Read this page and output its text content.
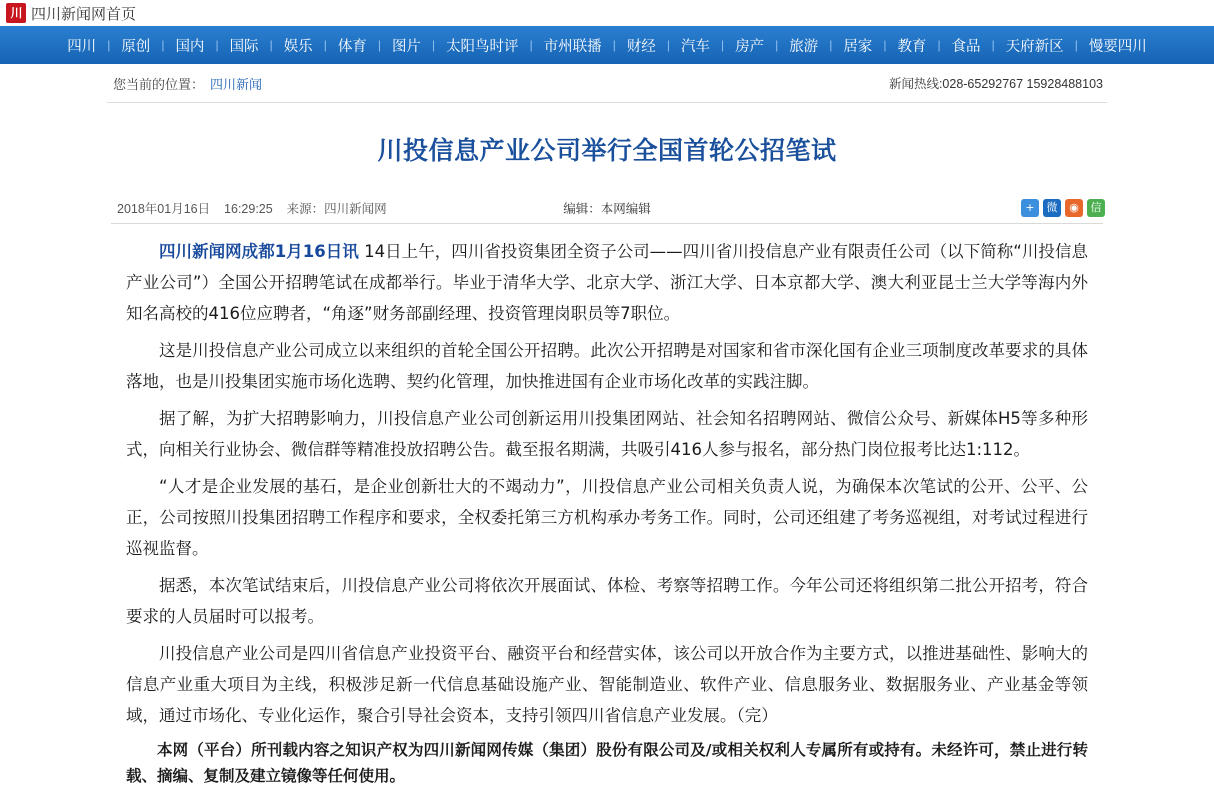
川 四川新闻网首页
四川 | 原创 | 国内 | 国际 | 娱乐 | 体育 | 图片 | 太阳鸟时评 | 市州联播 | 财经 | 汽车 | 房产 | 旅游 | 居家 | 教育 | 食品 | 天府新区 | 慢要四川
您当前的位置： 四川新闻	新闻热线:028-65292767 15928488103
川投信息产业公司举行全国首轮公招笔试
2018年01月16日 16:29:25 来源：四川新闻网	编辑：本网编辑	+	微	◉	信

四川新闻网成都1月16日讯 14日上午，四川省投资集团全资子公司——四川省川投信息产业有限责任公司（以下简称“川投信息产业公司”）全国公开招聘笔试在成都举行。毕业于清华大学、北京大学、浙江大学、日本京都大学、澳大利亚昆士兰大学等海内外知名高校的416位应聘者，“角逐”财务部副经理、投资管理岗职员等7职位。

这是川投信息产业公司成立以来组织的首轮全国公开招聘。此次公开招聘是对国家和省市深化国有企业三项制度改革要求的具体落地，也是川投集团实施市场化选聘、契约化管理，加快推进国有企业市场化改革的实践注脚。

据了解，为扩大招聘影响力，川投信息产业公司创新运用川投集团网站、社会知名招聘网站、微信公众号、新媒体H5等多种形式，向相关行业协会、微信群等精准投放招聘公告。截至报名期满，共吸引416人参与报名，部分热门岗位报考比达1:112。

“人才是企业发展的基石，是企业创新壮大的不竭动力”，川投信息产业公司相关负责人说，为确保本次笔试的公开、公平、公正，公司按照川投集团招聘工作程序和要求，全权委托第三方机构承办考务工作。同时，公司还组建了考务巡视组，对考试过程进行巡视监督。

据悉，本次笔试结束后，川投信息产业公司将依次开展面试、体检、考察等招聘工作。今年公司还将组织第二批公开招考，符合要求的人员届时可以报考。

川投信息产业公司是四川省信息产业投资平台、融资平台和经营实体，该公司以开放合作为主要方式，以推进基础性、影响大的信息产业重大项目为主线，积极涉足新一代信息基础设施产业、智能制造业、软件产业、信息服务业、数据服务业、产业基金等领域，通过市场化、专业化运作，聚合引导社会资本，支持引领四川省信息产业发展。（完）

本网（平台）所刊载内容之知识产权为四川新闻网传媒（集团）股份有限公司及/或相关权利人专属所有或持有。未经许可，禁止进行转载、摘编、复制及建立镜像等任何使用。
